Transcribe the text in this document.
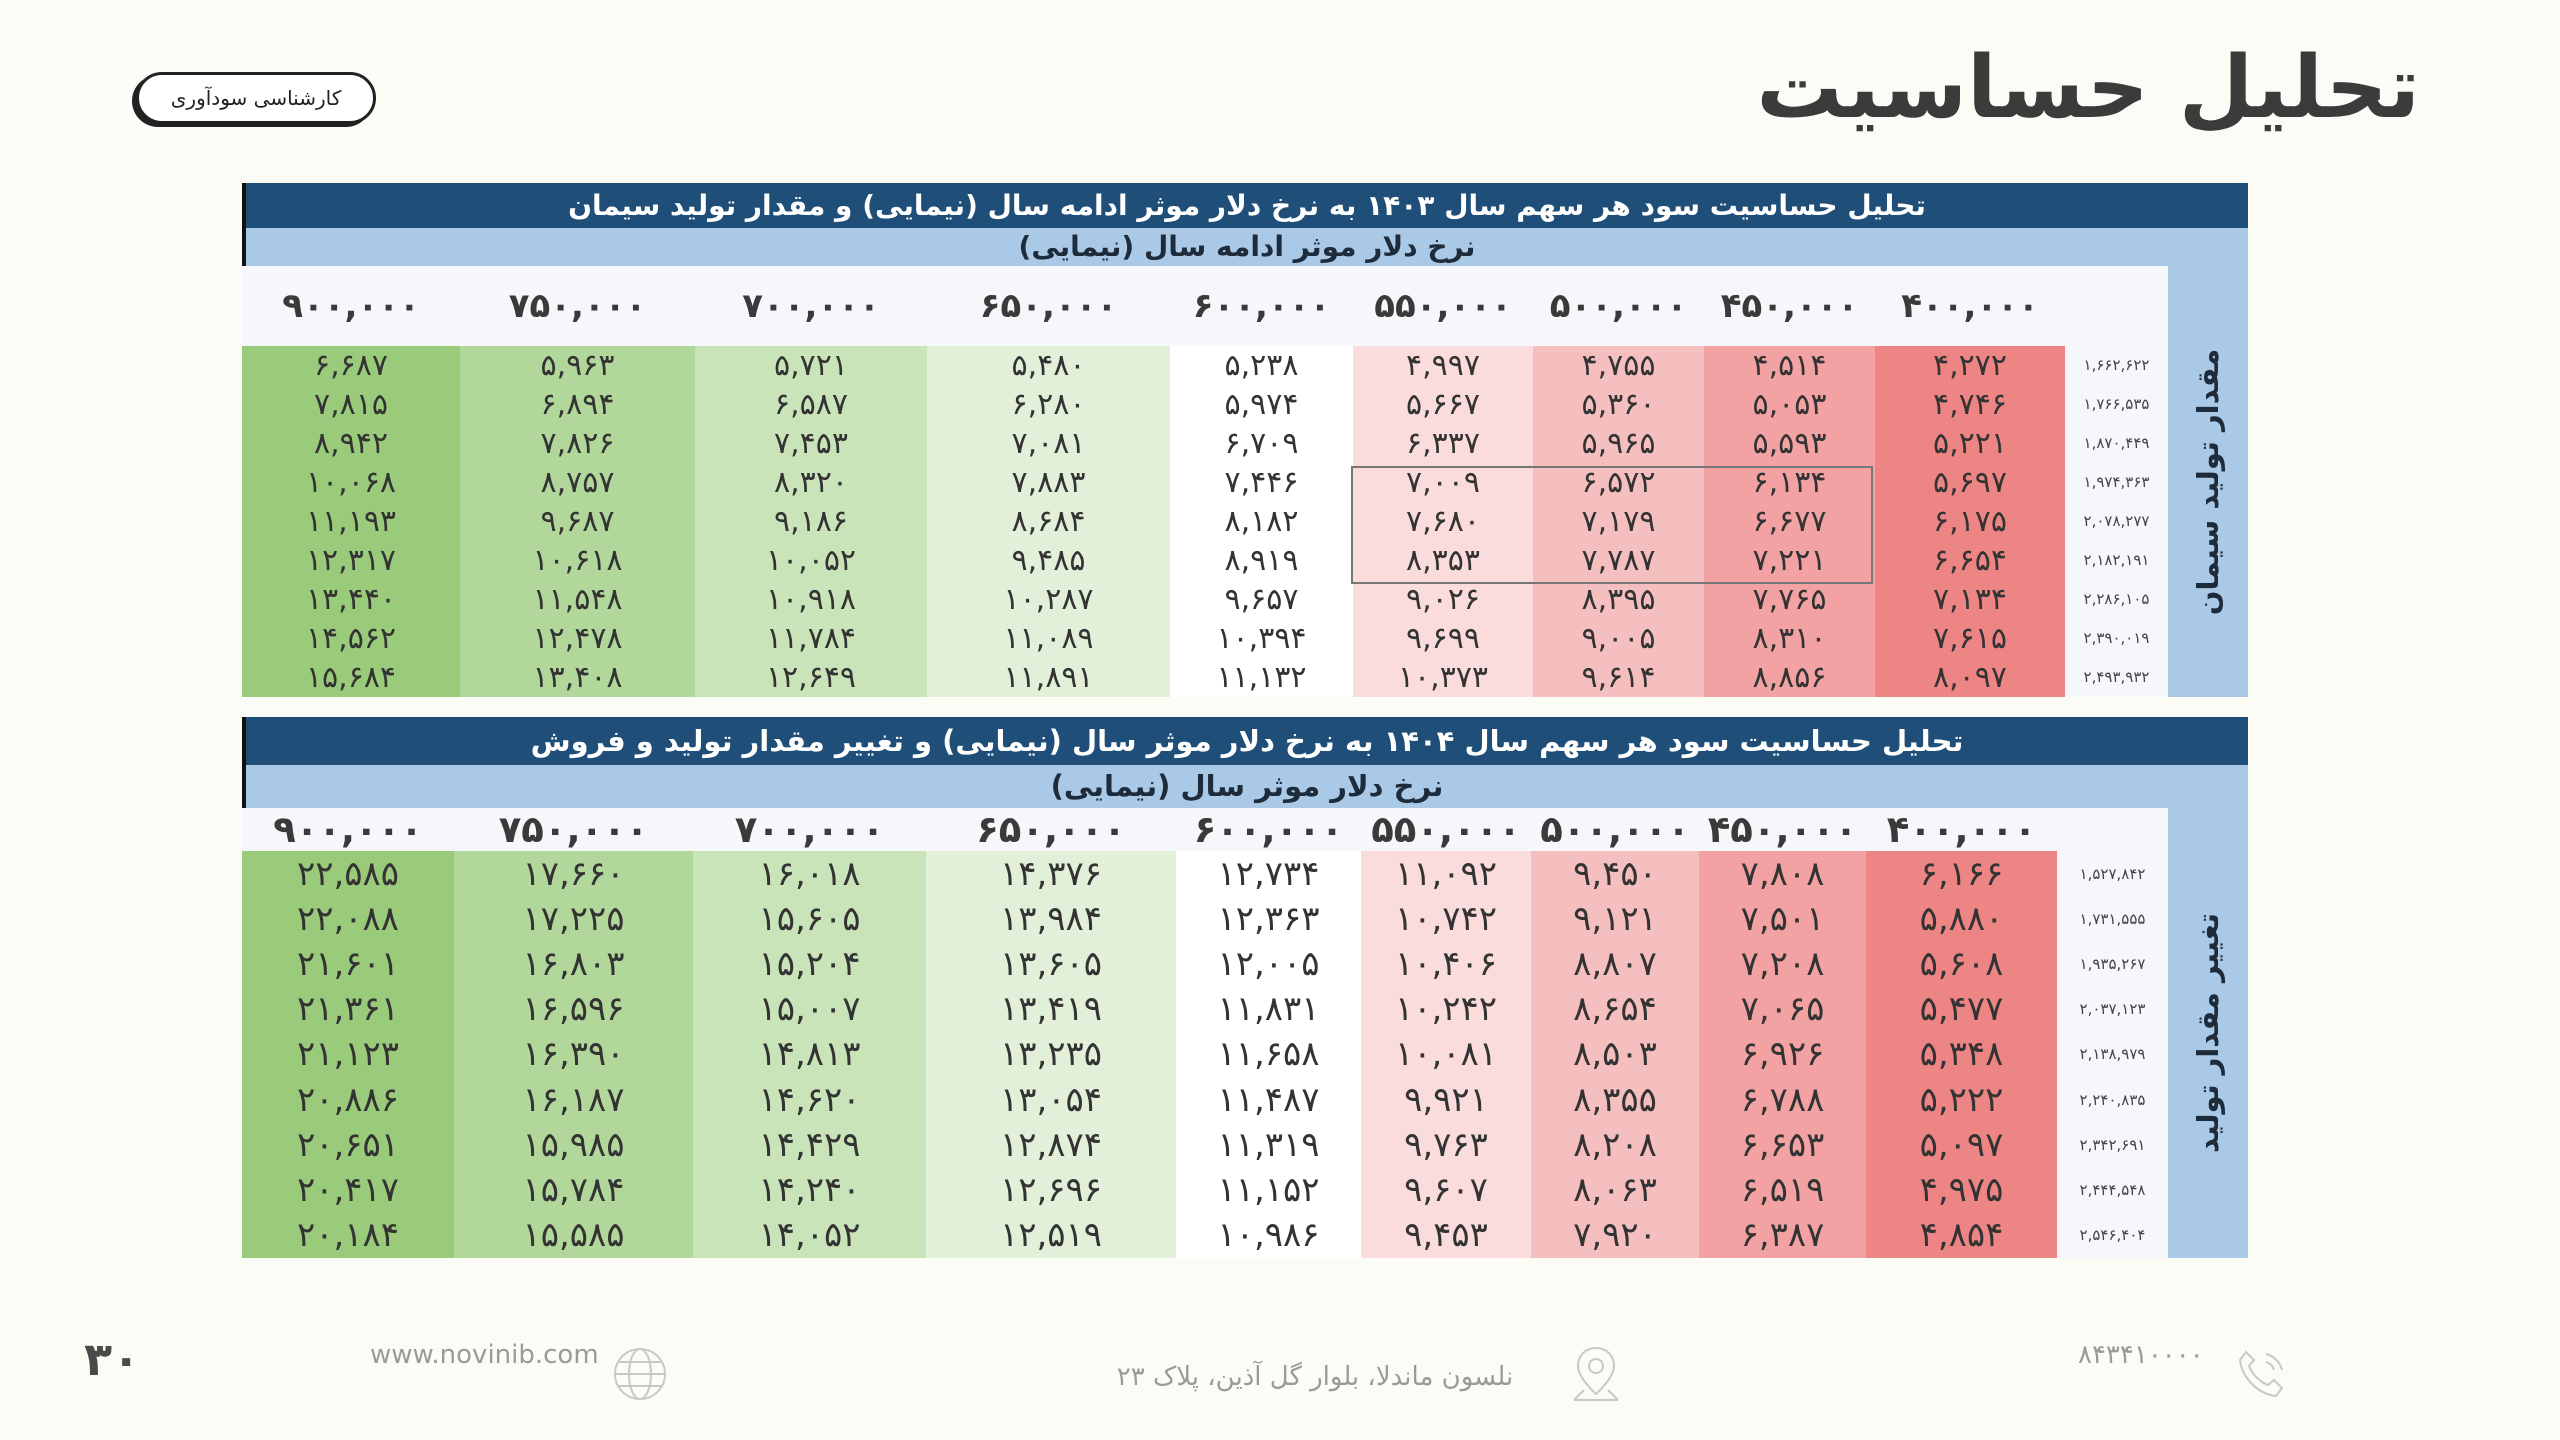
تحلیل حساسیت
کارشناسی سودآوری
تحلیل حساسیت سود هر سهم سال ۱۴۰۳ به نرخ دلار موثر ادامه سال (نیمایی) و مقدار تولید سیمان
نرخ دلار موثر ادامه سال (نیمایی)
مقدار تولید سیمان
۹۰۰,۰۰۰	۷۵۰,۰۰۰	۷۰۰,۰۰۰	۶۵۰,۰۰۰	۶۰۰,۰۰۰	۵۵۰,۰۰۰	۵۰۰,۰۰۰	۴۵۰,۰۰۰	۴۰۰,۰۰۰	
۶,۶۸۷	۵,۹۶۳	۵,۷۲۱	۵,۴۸۰	۵,۲۳۸	۴,۹۹۷	۴,۷۵۵	۴,۵۱۴	۴,۲۷۲	۱,۶۶۲,۶۲۲
۷,۸۱۵	۶,۸۹۴	۶,۵۸۷	۶,۲۸۰	۵,۹۷۴	۵,۶۶۷	۵,۳۶۰	۵,۰۵۳	۴,۷۴۶	۱,۷۶۶,۵۳۵
۸,۹۴۲	۷,۸۲۶	۷,۴۵۳	۷,۰۸۱	۶,۷۰۹	۶,۳۳۷	۵,۹۶۵	۵,۵۹۳	۵,۲۲۱	۱,۸۷۰,۴۴۹
۱۰,۰۶۸	۸,۷۵۷	۸,۳۲۰	۷,۸۸۳	۷,۴۴۶	۷,۰۰۹	۶,۵۷۲	۶,۱۳۴	۵,۶۹۷	۱,۹۷۴,۳۶۳
۱۱,۱۹۳	۹,۶۸۷	۹,۱۸۶	۸,۶۸۴	۸,۱۸۲	۷,۶۸۰	۷,۱۷۹	۶,۶۷۷	۶,۱۷۵	۲,۰۷۸,۲۷۷
۱۲,۳۱۷	۱۰,۶۱۸	۱۰,۰۵۲	۹,۴۸۵	۸,۹۱۹	۸,۳۵۳	۷,۷۸۷	۷,۲۲۱	۶,۶۵۴	۲,۱۸۲,۱۹۱
۱۳,۴۴۰	۱۱,۵۴۸	۱۰,۹۱۸	۱۰,۲۸۷	۹,۶۵۷	۹,۰۲۶	۸,۳۹۵	۷,۷۶۵	۷,۱۳۴	۲,۲۸۶,۱۰۵
۱۴,۵۶۲	۱۲,۴۷۸	۱۱,۷۸۴	۱۱,۰۸۹	۱۰,۳۹۴	۹,۶۹۹	۹,۰۰۵	۸,۳۱۰	۷,۶۱۵	۲,۳۹۰,۰۱۹
۱۵,۶۸۴	۱۳,۴۰۸	۱۲,۶۴۹	۱۱,۸۹۱	۱۱,۱۳۲	۱۰,۳۷۳	۹,۶۱۴	۸,۸۵۶	۸,۰۹۷	۲,۴۹۳,۹۳۲
تحلیل حساسیت سود هر سهم سال ۱۴۰۴ به نرخ دلار موثر سال (نیمایی) و تغییر مقدار تولید و فروش
نرخ دلار موثر سال (نیمایی)
تغییر مقدار تولید
۹۰۰,۰۰۰	۷۵۰,۰۰۰	۷۰۰,۰۰۰	۶۵۰,۰۰۰	۶۰۰,۰۰۰	۵۵۰,۰۰۰	۵۰۰,۰۰۰	۴۵۰,۰۰۰	۴۰۰,۰۰۰	
۲۲,۵۸۵	۱۷,۶۶۰	۱۶,۰۱۸	۱۴,۳۷۶	۱۲,۷۳۴	۱۱,۰۹۲	۹,۴۵۰	۷,۸۰۸	۶,۱۶۶	۱,۵۲۷,۸۴۲
۲۲,۰۸۸	۱۷,۲۲۵	۱۵,۶۰۵	۱۳,۹۸۴	۱۲,۳۶۳	۱۰,۷۴۲	۹,۱۲۱	۷,۵۰۱	۵,۸۸۰	۱,۷۳۱,۵۵۵
۲۱,۶۰۱	۱۶,۸۰۳	۱۵,۲۰۴	۱۳,۶۰۵	۱۲,۰۰۵	۱۰,۴۰۶	۸,۸۰۷	۷,۲۰۸	۵,۶۰۸	۱,۹۳۵,۲۶۷
۲۱,۳۶۱	۱۶,۵۹۶	۱۵,۰۰۷	۱۳,۴۱۹	۱۱,۸۳۱	۱۰,۲۴۲	۸,۶۵۴	۷,۰۶۵	۵,۴۷۷	۲,۰۳۷,۱۲۳
۲۱,۱۲۳	۱۶,۳۹۰	۱۴,۸۱۳	۱۳,۲۳۵	۱۱,۶۵۸	۱۰,۰۸۱	۸,۵۰۳	۶,۹۲۶	۵,۳۴۸	۲,۱۳۸,۹۷۹
۲۰,۸۸۶	۱۶,۱۸۷	۱۴,۶۲۰	۱۳,۰۵۴	۱۱,۴۸۷	۹,۹۲۱	۸,۳۵۵	۶,۷۸۸	۵,۲۲۲	۲,۲۴۰,۸۳۵
۲۰,۶۵۱	۱۵,۹۸۵	۱۴,۴۲۹	۱۲,۸۷۴	۱۱,۳۱۹	۹,۷۶۳	۸,۲۰۸	۶,۶۵۳	۵,۰۹۷	۲,۳۴۲,۶۹۱
۲۰,۴۱۷	۱۵,۷۸۴	۱۴,۲۴۰	۱۲,۶۹۶	۱۱,۱۵۲	۹,۶۰۷	۸,۰۶۳	۶,۵۱۹	۴,۹۷۵	۲,۴۴۴,۵۴۸
۲۰,۱۸۴	۱۵,۵۸۵	۱۴,۰۵۲	۱۲,۵۱۹	۱۰,۹۸۶	۹,۴۵۳	۷,۹۲۰	۶,۳۸۷	۴,۸۵۴	۲,۵۴۶,۴۰۴
۳۰	www.novinib.com
نلسون ماندلا، بلوار گل آذین، پلاک ۲۳
۸۴۳۴۱۰۰۰۰
